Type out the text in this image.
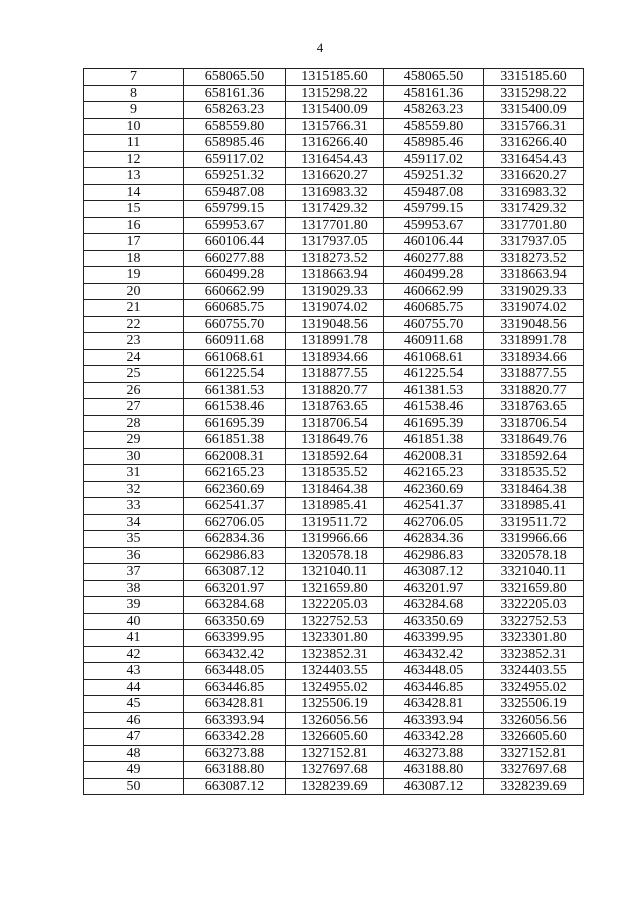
4
7	658065.50	1315185.60	458065.50	3315185.60
8	658161.36	1315298.22	458161.36	3315298.22
9	658263.23	1315400.09	458263.23	3315400.09
10	658559.80	1315766.31	458559.80	3315766.31
11	658985.46	1316266.40	458985.46	3316266.40
12	659117.02	1316454.43	459117.02	3316454.43
13	659251.32	1316620.27	459251.32	3316620.27
14	659487.08	1316983.32	459487.08	3316983.32
15	659799.15	1317429.32	459799.15	3317429.32
16	659953.67	1317701.80	459953.67	3317701.80
17	660106.44	1317937.05	460106.44	3317937.05
18	660277.88	1318273.52	460277.88	3318273.52
19	660499.28	1318663.94	460499.28	3318663.94
20	660662.99	1319029.33	460662.99	3319029.33
21	660685.75	1319074.02	460685.75	3319074.02
22	660755.70	1319048.56	460755.70	3319048.56
23	660911.68	1318991.78	460911.68	3318991.78
24	661068.61	1318934.66	461068.61	3318934.66
25	661225.54	1318877.55	461225.54	3318877.55
26	661381.53	1318820.77	461381.53	3318820.77
27	661538.46	1318763.65	461538.46	3318763.65
28	661695.39	1318706.54	461695.39	3318706.54
29	661851.38	1318649.76	461851.38	3318649.76
30	662008.31	1318592.64	462008.31	3318592.64
31	662165.23	1318535.52	462165.23	3318535.52
32	662360.69	1318464.38	462360.69	3318464.38
33	662541.37	1318985.41	462541.37	3318985.41
34	662706.05	1319511.72	462706.05	3319511.72
35	662834.36	1319966.66	462834.36	3319966.66
36	662986.83	1320578.18	462986.83	3320578.18
37	663087.12	1321040.11	463087.12	3321040.11
38	663201.97	1321659.80	463201.97	3321659.80
39	663284.68	1322205.03	463284.68	3322205.03
40	663350.69	1322752.53	463350.69	3322752.53
41	663399.95	1323301.80	463399.95	3323301.80
42	663432.42	1323852.31	463432.42	3323852.31
43	663448.05	1324403.55	463448.05	3324403.55
44	663446.85	1324955.02	463446.85	3324955.02
45	663428.81	1325506.19	463428.81	3325506.19
46	663393.94	1326056.56	463393.94	3326056.56
47	663342.28	1326605.60	463342.28	3326605.60
48	663273.88	1327152.81	463273.88	3327152.81
49	663188.80	1327697.68	463188.80	3327697.68
50	663087.12	1328239.69	463087.12	3328239.69
